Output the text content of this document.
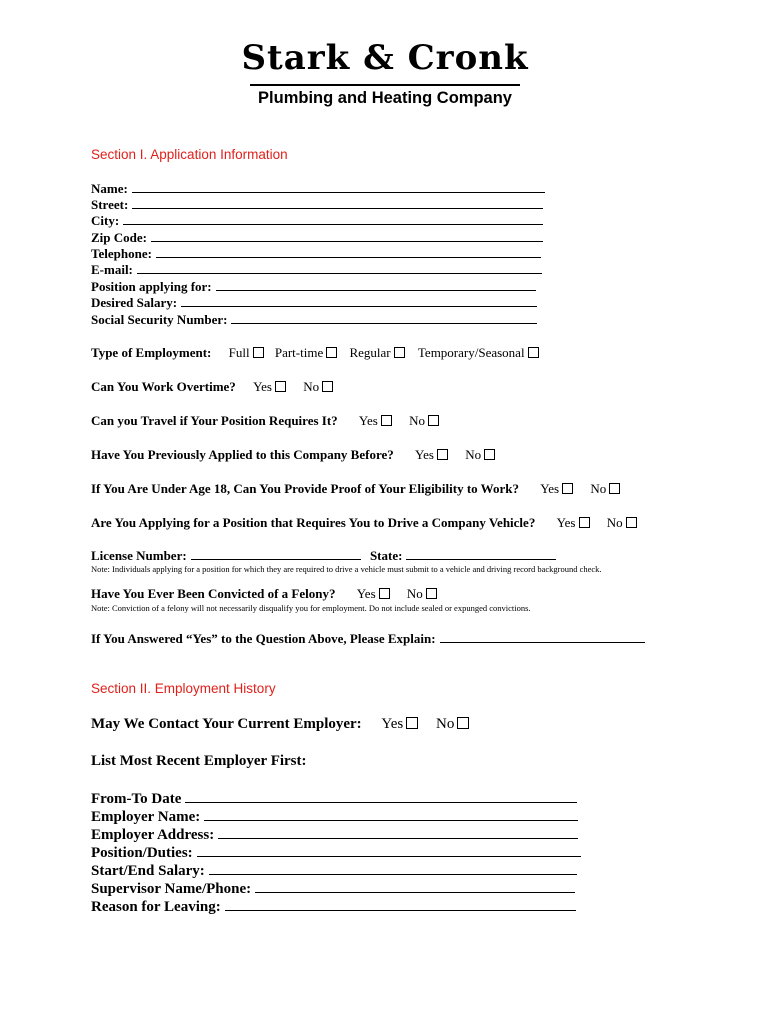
Stark & Cronk
Plumbing and Heating Company
Section I. Application Information
Name:
Street:
City:
Zip Code:
Telephone:
E-mail:
Position applying for:
Desired Salary:
Social Security Number:
Type of Employment: Full Part-time Regular Temporary/Seasonal
Can You Work Overtime? Yes No
Can you Travel if Your Position Requires It? Yes No
Have You Previously Applied to this Company Before? Yes No
If You Are Under Age 18, Can You Provide Proof of Your Eligibility to Work? Yes No
Are You Applying for a Position that Requires You to Drive a Company Vehicle? Yes No
License Number:	State:
Note: Individuals applying for a position for which they are required to drive a vehicle must submit to a vehicle and driving record background check.
Have You Ever Been Convicted of a Felony? Yes No
Note: Conviction of a felony will not necessarily disqualify you for employment. Do not include sealed or expunged convictions.
If You Answered “Yes” to the Question Above, Please Explain:
Section II. Employment History
May We Contact Your Current Employer: Yes No
List Most Recent Employer First:
From-To Date
Employer Name:
Employer Address:
Position/Duties:
Start/End Salary:
Supervisor Name/Phone:
Reason for Leaving:
